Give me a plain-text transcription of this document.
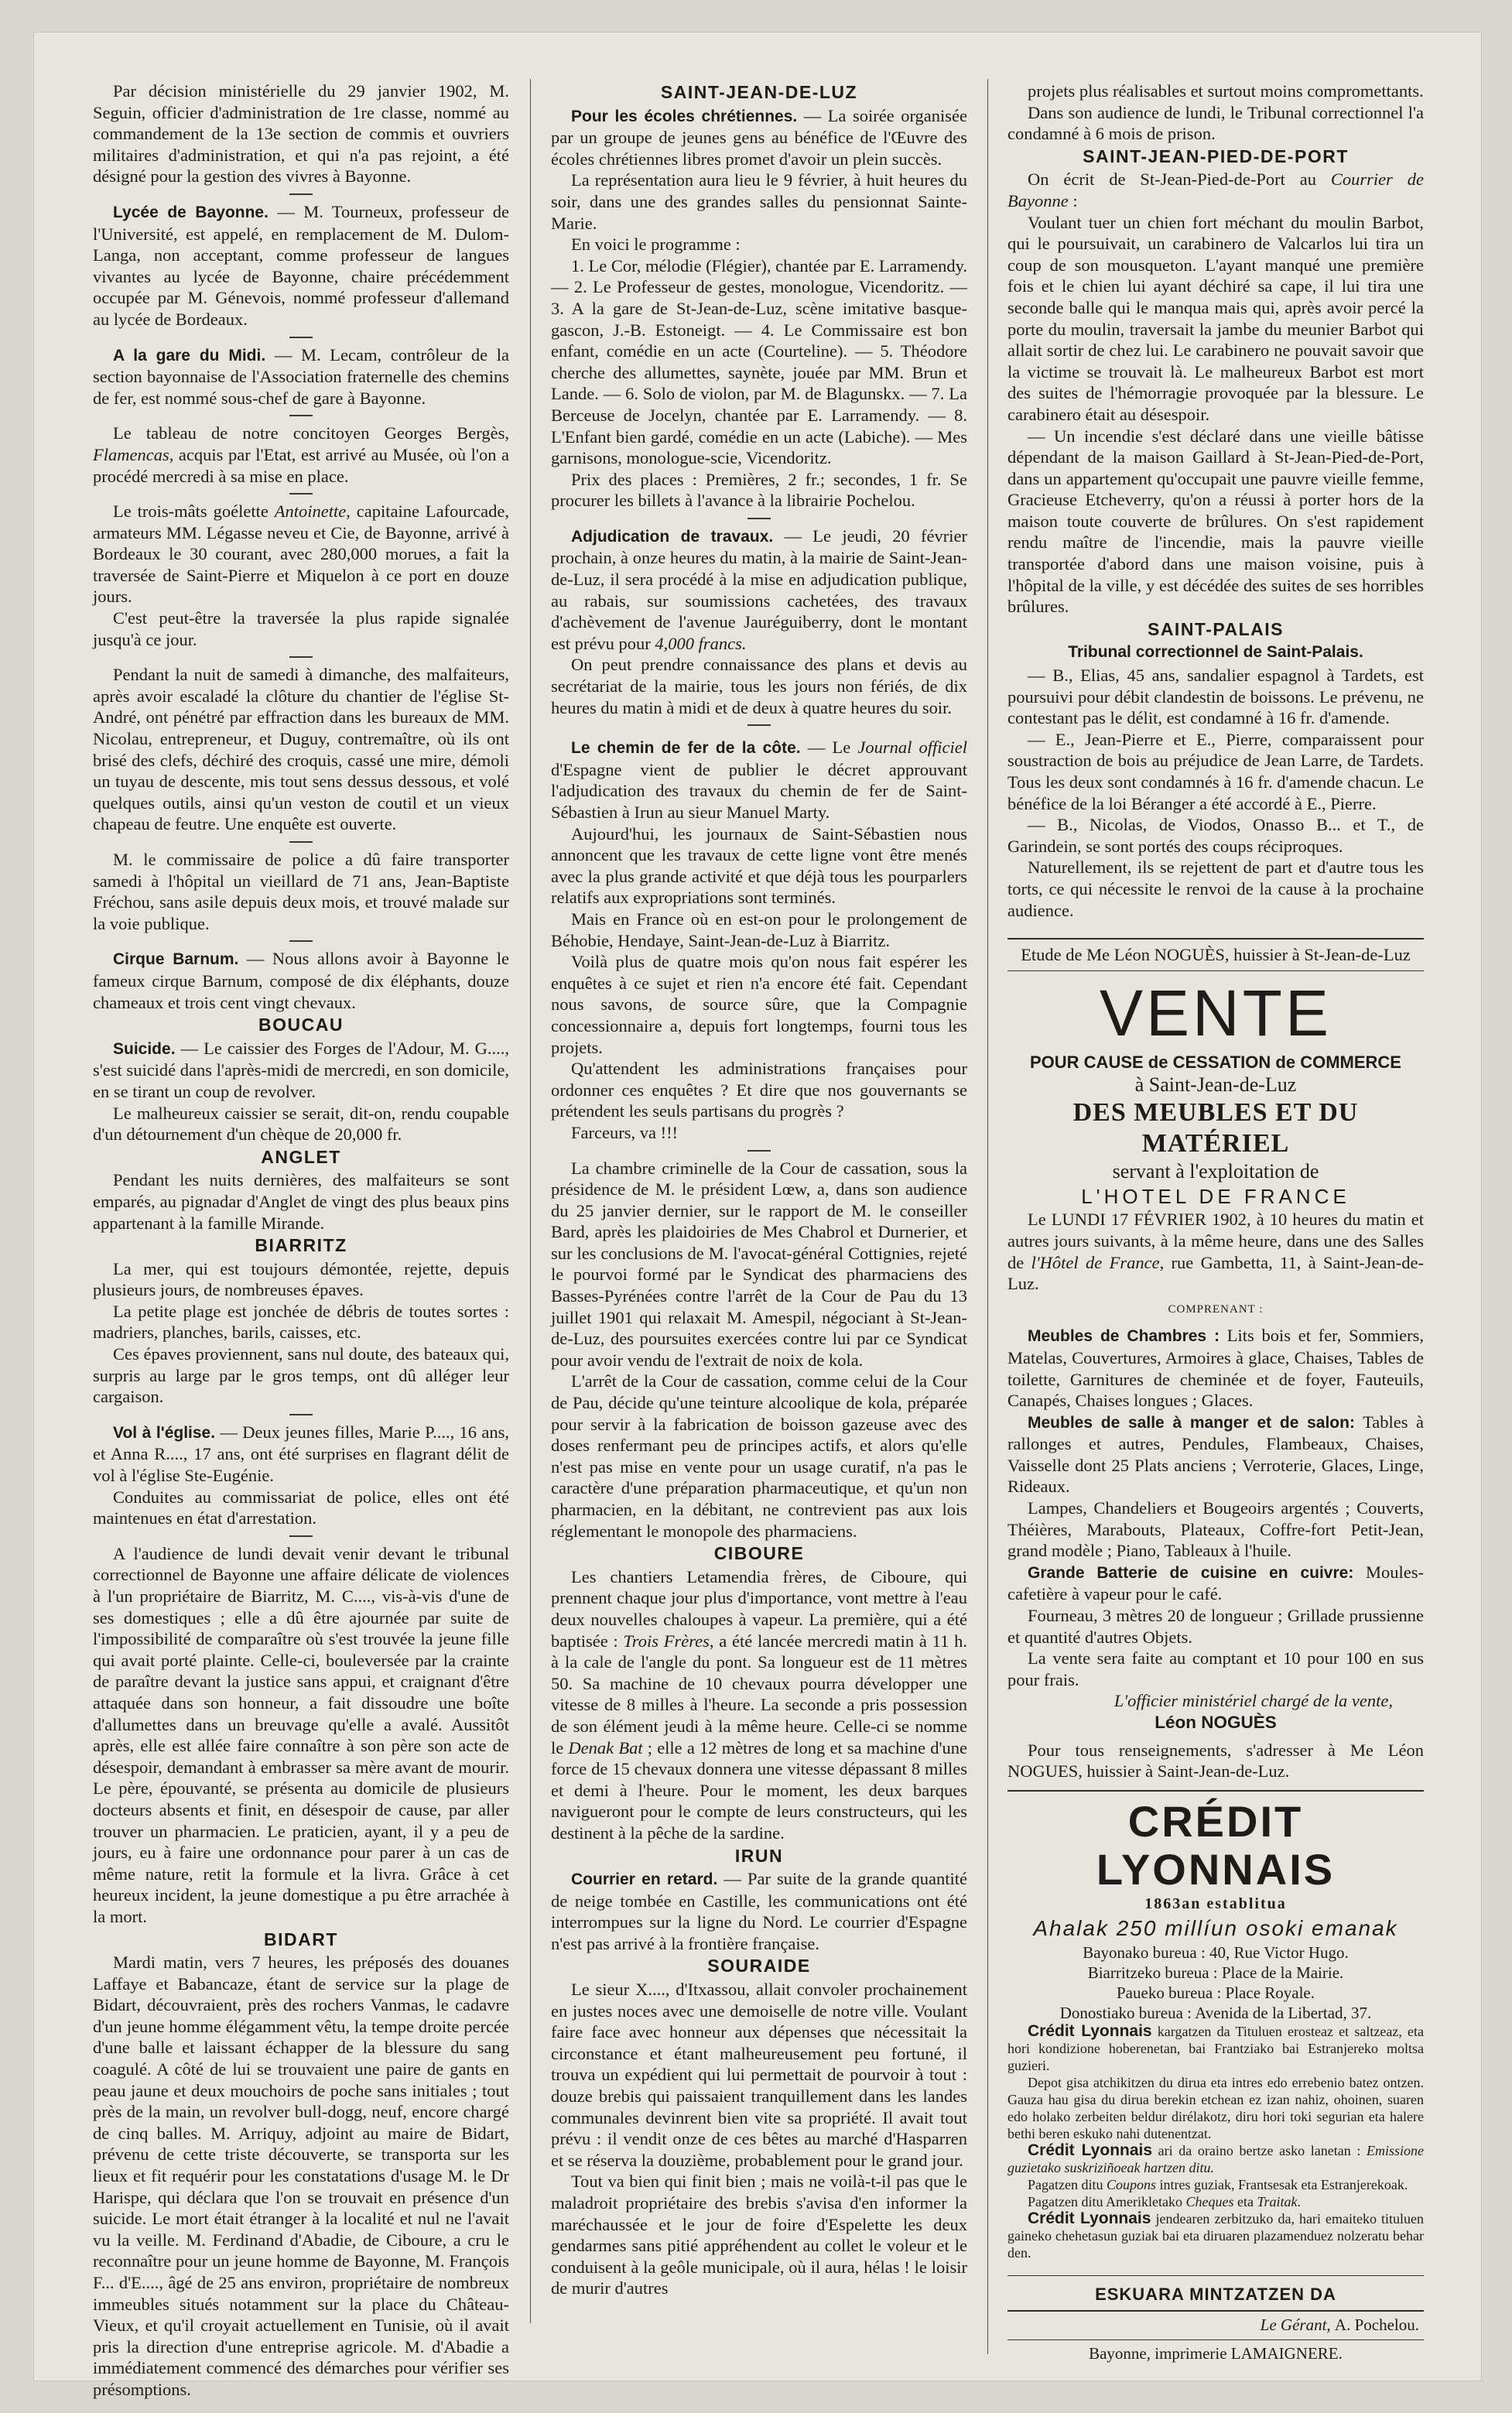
Par décision ministérielle du 29 janvier 1902, M. Seguin, officier d'administration de 1re classe, nommé au commandement de la 13e section de commis et ouvriers militaires d'administration, et qui n'a pas rejoint, a été désigné pour la gestion des vivres à Bayonne.

Lycée de Bayonne. — M. Tourneux, professeur de l'Université, est appelé, en remplacement de M. Dulom-Langa, non acceptant, comme professeur de langues vivantes au lycée de Bayonne, chaire précédemment occupée par M. Génevois, nommé professeur d'allemand au lycée de Bordeaux.

A la gare du Midi. — M. Lecam, contrôleur de la section bayonnaise de l'Association fraternelle des chemins de fer, est nommé sous-chef de gare à Bayonne.

Le tableau de notre concitoyen Georges Bergès, Flamencas, acquis par l'Etat, est arrivé au Musée, où l'on a procédé mercredi à sa mise en place.

Le trois-mâts goélette Antoinette, capitaine Lafourcade, armateurs MM. Légasse neveu et Cie, de Bayonne, arrivé à Bordeaux le 30 courant, avec 280,000 morues, a fait la traversée de Saint-Pierre et Miquelon à ce port en douze jours.

C'est peut-être la traversée la plus rapide signalée jusqu'à ce jour.

Pendant la nuit de samedi à dimanche, des malfaiteurs, après avoir escaladé la clôture du chantier de l'église St-André, ont pénétré par effraction dans les bureaux de MM. Nicolau, entrepreneur, et Duguy, contremaître, où ils ont brisé des clefs, déchiré des croquis, cassé une mire, démoli un tuyau de descente, mis tout sens dessus dessous, et volé quelques outils, ainsi qu'un veston de coutil et un vieux chapeau de feutre. Une enquête est ouverte.

M. le commissaire de police a dû faire transporter samedi à l'hôpital un vieillard de 71 ans, Jean-Baptiste Fréchou, sans asile depuis deux mois, et trouvé malade sur la voie publique.

Cirque Barnum. — Nous allons avoir à Bayonne le fameux cirque Barnum, composé de dix éléphants, douze chameaux et trois cent vingt chevaux.

BOUCAU

Suicide. — Le caissier des Forges de l'Adour, M. G...., s'est suicidé dans l'après-midi de mercredi, en son domicile, en se tirant un coup de revolver.

Le malheureux caissier se serait, dit-on, rendu coupable d'un détournement d'un chèque de 20,000 fr.

ANGLET

Pendant les nuits dernières, des malfaiteurs se sont emparés, au pignadar d'Anglet de vingt des plus beaux pins appartenant à la famille Mirande.

BIARRITZ

La mer, qui est toujours démontée, rejette, depuis plusieurs jours, de nombreuses épaves.

La petite plage est jonchée de débris de toutes sortes : madriers, planches, barils, caisses, etc.

Ces épaves proviennent, sans nul doute, des bateaux qui, surpris au large par le gros temps, ont dû alléger leur cargaison.

Vol à l'église. — Deux jeunes filles, Marie P...., 16 ans, et Anna R...., 17 ans, ont été surprises en flagrant délit de vol à l'église Ste-Eugénie.

Conduites au commissariat de police, elles ont été maintenues en état d'arrestation.

A l'audience de lundi devait venir devant le tribunal correctionnel de Bayonne une affaire délicate de violences à l'un propriétaire de Biarritz, M. C...., vis-à-vis d'une de ses domestiques ; elle a dû être ajournée par suite de l'impossibilité de comparaître où s'est trouvée la jeune fille qui avait porté plainte. Celle-ci, bouleversée par la crainte de paraître devant la justice sans appui, et craignant d'être attaquée dans son honneur, a fait dissoudre une boîte d'allumettes dans un breuvage qu'elle a avalé. Aussitôt après, elle est allée faire connaître à son père son acte de désespoir, demandant à embrasser sa mère avant de mourir. Le père, épouvanté, se présenta au domicile de plusieurs docteurs absents et finit, en désespoir de cause, par aller trouver un pharmacien. Le praticien, ayant, il y a peu de jours, eu à faire une ordonnance pour parer à un cas de même nature, retit la formule et la livra. Grâce à cet heureux incident, la jeune domestique a pu être arrachée à la mort.

BIDART

Mardi matin, vers 7 heures, les préposés des douanes Laffaye et Babancaze, étant de service sur la plage de Bidart, découvraient, près des rochers Vanmas, le cadavre d'un jeune homme élégamment vêtu, la tempe droite percée d'une balle et laissant échapper de la blessure du sang coagulé. A côté de lui se trouvaient une paire de gants en peau jaune et deux mouchoirs de poche sans initiales ; tout près de la main, un revolver bull-dogg, neuf, encore chargé de cinq balles. M. Arriquy, adjoint au maire de Bidart, prévenu de cette triste découverte, se transporta sur les lieux et fit requérir pour les constatations d'usage M. le Dr Harispe, qui déclara que l'on se trouvait en présence d'un suicide. Le mort était étranger à la localité et nul ne l'avait vu la veille. M. Ferdinand d'Abadie, de Ciboure, a cru le reconnaître pour un jeune homme de Bayonne, M. François F... d'E...., âgé de 25 ans environ, propriétaire de nombreux immeubles situés notamment sur la place du Château-Vieux, et qu'il croyait actuellement en Tunisie, où il avait pris la direction d'une entreprise agricole. M. d'Abadie a immédiatement commencé des démarches pour vérifier ses présomptions.

SAINT-JEAN-DE-LUZ

Pour les écoles chrétiennes. — La soirée organisée par un groupe de jeunes gens au bénéfice de l'Œuvre des écoles chrétiennes libres promet d'avoir un plein succès.

La représentation aura lieu le 9 février, à huit heures du soir, dans une des grandes salles du pensionnat Sainte-Marie.

En voici le programme :

1. Le Cor, mélodie (Flégier), chantée par E. Larramendy. — 2. Le Professeur de gestes, monologue, Vicendoritz. — 3. A la gare de St-Jean-de-Luz, scène imitative basque-gascon, J.-B. Estoneigt. — 4. Le Commissaire est bon enfant, comédie en un acte (Courteline). — 5. Théodore cherche des allumettes, saynète, jouée par MM. Brun et Lande. — 6. Solo de violon, par M. de Blagunskx. — 7. La Berceuse de Jocelyn, chantée par E. Larramendy. — 8. L'Enfant bien gardé, comédie en un acte (Labiche). — Mes garnisons, monologue-scie, Vicendoritz.

Prix des places : Premières, 2 fr.; secondes, 1 fr. Se procurer les billets à l'avance à la librairie Pochelou.

Adjudication de travaux. — Le jeudi, 20 février prochain, à onze heures du matin, à la mairie de Saint-Jean-de-Luz, il sera procédé à la mise en adjudication publique, au rabais, sur soumissions cachetées, des travaux d'achèvement de l'avenue Jauréguiberry, dont le montant est prévu pour 4,000 francs.

On peut prendre connaissance des plans et devis au secrétariat de la mairie, tous les jours non fériés, de dix heures du matin à midi et de deux à quatre heures du soir.

Le chemin de fer de la côte. — Le Journal officiel d'Espagne vient de publier le décret approuvant l'adjudication des travaux du chemin de fer de Saint-Sébastien à Irun au sieur Manuel Marty.

Aujourd'hui, les journaux de Saint-Sébastien nous annoncent que les travaux de cette ligne vont être menés avec la plus grande activité et que déjà tous les pourparlers relatifs aux expropriations sont terminés.

Mais en France où en est-on pour le prolongement de Béhobie, Hendaye, Saint-Jean-de-Luz à Biarritz.

Voilà plus de quatre mois qu'on nous fait espérer les enquêtes à ce sujet et rien n'a encore été fait. Cependant nous savons, de source sûre, que la Compagnie concessionnaire a, depuis fort longtemps, fourni tous les projets.

Qu'attendent les administrations françaises pour ordonner ces enquêtes ? Et dire que nos gouvernants se prétendent les seuls partisans du progrès ?

Farceurs, va !!!

La chambre criminelle de la Cour de cassation, sous la présidence de M. le président Lœw, a, dans son audience du 25 janvier dernier, sur le rapport de M. le conseiller Bard, après les plaidoiries de Mes Chabrol et Durnerier, et sur les conclusions de M. l'avocat-général Cottignies, rejeté le pourvoi formé par le Syndicat des pharmaciens des Basses-Pyrénées contre l'arrêt de la Cour de Pau du 13 juillet 1901 qui relaxait M. Amespil, négociant à St-Jean-de-Luz, des poursuites exercées contre lui par ce Syndicat pour avoir vendu de l'extrait de noix de kola.

L'arrêt de la Cour de cassation, comme celui de la Cour de Pau, décide qu'une teinture alcoolique de kola, préparée pour servir à la fabrication de boisson gazeuse avec des doses renfermant peu de principes actifs, et alors qu'elle n'est pas mise en vente pour un usage curatif, n'a pas le caractère d'une préparation pharmaceutique, et qu'un non pharmacien, en la débitant, ne contrevient pas aux lois réglementant le monopole des pharmaciens.

CIBOURE

Les chantiers Letamendia frères, de Ciboure, qui prennent chaque jour plus d'importance, vont mettre à l'eau deux nouvelles chaloupes à vapeur. La première, qui a été baptisée : Trois Frères, a été lancée mercredi matin à 11 h. à la cale de l'angle du pont. Sa longueur est de 11 mètres 50. Sa machine de 10 chevaux pourra développer une vitesse de 8 milles à l'heure. La seconde a pris possession de son élément jeudi à la même heure. Celle-ci se nomme le Denak Bat ; elle a 12 mètres de long et sa machine d'une force de 15 chevaux donnera une vitesse dépassant 8 milles et demi à l'heure. Pour le moment, les deux barques navigueront pour le compte de leurs constructeurs, qui les destinent à la pêche de la sardine.

IRUN

Courrier en retard. — Par suite de la grande quantité de neige tombée en Castille, les communications ont été interrompues sur la ligne du Nord. Le courrier d'Espagne n'est pas arrivé à la frontière française.

SOURAIDE

Le sieur X...., d'Itxassou, allait convoler prochainement en justes noces avec une demoiselle de notre ville. Voulant faire face avec honneur aux dépenses que nécessitait la circonstance et étant malheureusement peu fortuné, il trouva un expédient qui lui permettait de pourvoir à tout : douze brebis qui paissaient tranquillement dans les landes communales devinrent bien vite sa propriété. Il avait tout prévu : il vendit onze de ces bêtes au marché d'Hasparren et se réserva la douzième, probablement pour le grand jour.

Tout va bien qui finit bien ; mais ne voilà-t-il pas que le maladroit propriétaire des brebis s'avisa d'en informer la maréchaussée et le jour de foire d'Espelette les deux gendarmes sans pitié appréhendent au collet le voleur et le conduisent à la geôle municipale, où il aura, hélas ! le loisir de murir d'autres

projets plus réalisables et surtout moins compromettants.

Dans son audience de lundi, le Tribunal correctionnel l'a condamné à 6 mois de prison.

SAINT-JEAN-PIED-DE-PORT

On écrit de St-Jean-Pied-de-Port au Courrier de Bayonne :

Voulant tuer un chien fort méchant du moulin Barbot, qui le poursuivait, un carabinero de Valcarlos lui tira un coup de son mousqueton. L'ayant manqué une première fois et le chien lui ayant déchiré sa cape, il lui tira une seconde balle qui le manqua mais qui, après avoir percé la porte du moulin, traversait la jambe du meunier Barbot qui allait sortir de chez lui. Le carabinero ne pouvait savoir que la victime se trouvait là. Le malheureux Barbot est mort des suites de l'hémorragie provoquée par la blessure. Le carabinero était au désespoir.

— Un incendie s'est déclaré dans une vieille bâtisse dépendant de la maison Gaillard à St-Jean-Pied-de-Port, dans un appartement qu'occupait une pauvre vieille femme, Gracieuse Etcheverry, qu'on a réussi à porter hors de la maison toute couverte de brûlures. On s'est rapidement rendu maître de l'incendie, mais la pauvre vieille transportée d'abord dans une maison voisine, puis à l'hôpital de la ville, y est décédée des suites de ses horribles brûlures.

SAINT-PALAIS
Tribunal correctionnel de Saint-Palais.

— B., Elias, 45 ans, sandalier espagnol à Tardets, est poursuivi pour débit clandestin de boissons. Le prévenu, ne contestant pas le délit, est condamné à 16 fr. d'amende.

— E., Jean-Pierre et E., Pierre, comparaissent pour soustraction de bois au préjudice de Jean Larre, de Tardets. Tous les deux sont condamnés à 16 fr. d'amende chacun. Le bénéfice de la loi Béranger a été accordé à E., Pierre.

— B., Nicolas, de Viodos, Onasso B... et T., de Garindein, se sont portés des coups réciproques.

Naturellement, ils se rejettent de part et d'autre tous les torts, ce qui nécessite le renvoi de la cause à la prochaine audience.

Etude de Me Léon NOGUÈS, huissier à St-Jean-de-Luz
VENTE
POUR CAUSE de CESSATION de COMMERCE
à Saint-Jean-de-Luz
DES MEUBLES ET DU MATÉRIEL
servant à l'exploitation de
L'HOTEL DE FRANCE

Le LUNDI 17 FÉVRIER 1902, à 10 heures du matin et autres jours suivants, à la même heure, dans une des Salles de l'Hôtel de France, rue Gambetta, 11, à Saint-Jean-de-Luz.

COMPRENANT :

Meubles de Chambres : Lits bois et fer, Sommiers, Matelas, Couvertures, Armoires à glace, Chaises, Tables de toilette, Garnitures de cheminée et de foyer, Fauteuils, Canapés, Chaises longues ; Glaces.

Meubles de salle à manger et de salon: Tables à rallonges et autres, Pendules, Flambeaux, Chaises, Vaisselle dont 25 Plats anciens ; Verroterie, Glaces, Linge, Rideaux.

Lampes, Chandeliers et Bougeoirs argentés ; Couverts, Théières, Marabouts, Plateaux, Coffre-fort Petit-Jean, grand modèle ; Piano, Tableaux à l'huile.

Grande Batterie de cuisine en cuivre: Moules-cafetière à vapeur pour le café.

Fourneau, 3 mètres 20 de longueur ; Grillade prussienne et quantité d'autres Objets.

La vente sera faite au comptant et 10 pour 100 en sus pour frais.

L'officier ministériel chargé de la vente,
Léon NOGUÈS

Pour tous renseignements, s'adresser à Me Léon NOGUES, huissier à Saint-Jean-de-Luz.

CRÉDIT LYONNAIS
1863an establitua
Ahalak 250 millíun osoki emanak
Bayonako bureua : 40, Rue Victor Hugo.
Biarritzeko bureua : Place de la Mairie.
Paueko bureua : Place Royale.
Donostiako bureua : Avenida de la Libertad, 37.

Crédit Lyonnais kargatzen da Tituluen erosteaz et saltzeaz, eta hori kondizione hoberenetan, bai Frantziako bai Estranjereko moltsa guzieri.

Depot gisa atchikitzen du dirua eta intres edo errebenio batez ontzen. Gauza hau gisa du dirua berekin etchean ez izan nahiz, ohoinen, suaren edo holako zerbeiten beldur dirélakotz, diru hori toki segurian eta halere bethi beren eskuko nahi dutenentzat.

Crédit Lyonnais ari da oraino bertze asko lanetan : Emissione guzietako suskriziñoeak hartzen ditu.

Pagatzen ditu Coupons intres guziak, Frantsesak eta Estranjerekoak.

Pagatzen ditu Amerikletako Cheques eta Traitak.

Crédit Lyonnais jendearen zerbitzuko da, hari emaiteko tituluen gaineko chehetasun guziak bai eta diruaren plazamenduez nolzeratu behar den.

ESKUARA MINTZATZEN DA
Le Gérant, A. Pochelou.
Bayonne, imprimerie LAMAIGNERE.
